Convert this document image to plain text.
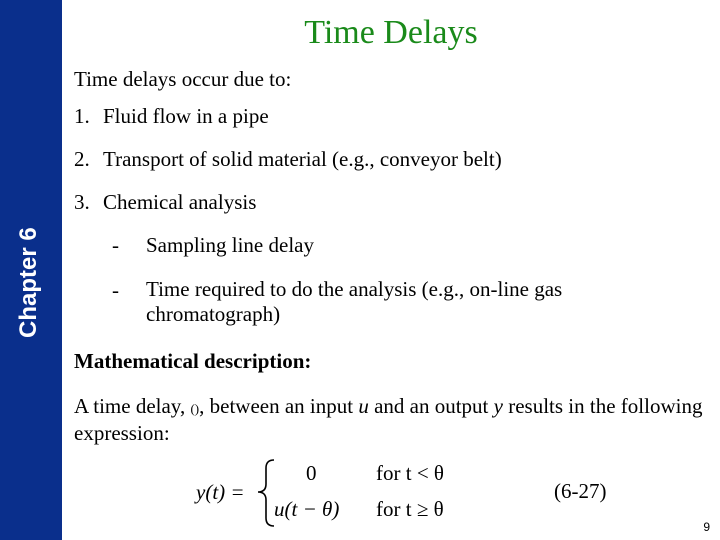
Chapter 6
Time Delays
Time delays occur due to:
1. Fluid flow in a pipe
2. Transport of solid material (e.g., conveyor belt)
3. Chemical analysis
- Sampling line delay
- Time required to do the analysis (e.g., on-line gas chromatograph)
Mathematical description:
A time delay, (), between an input u and an output y results in the following expression:
y(t) =
0	for t < θ
u(t − θ) for t ≥ θ
(6-27)
9
